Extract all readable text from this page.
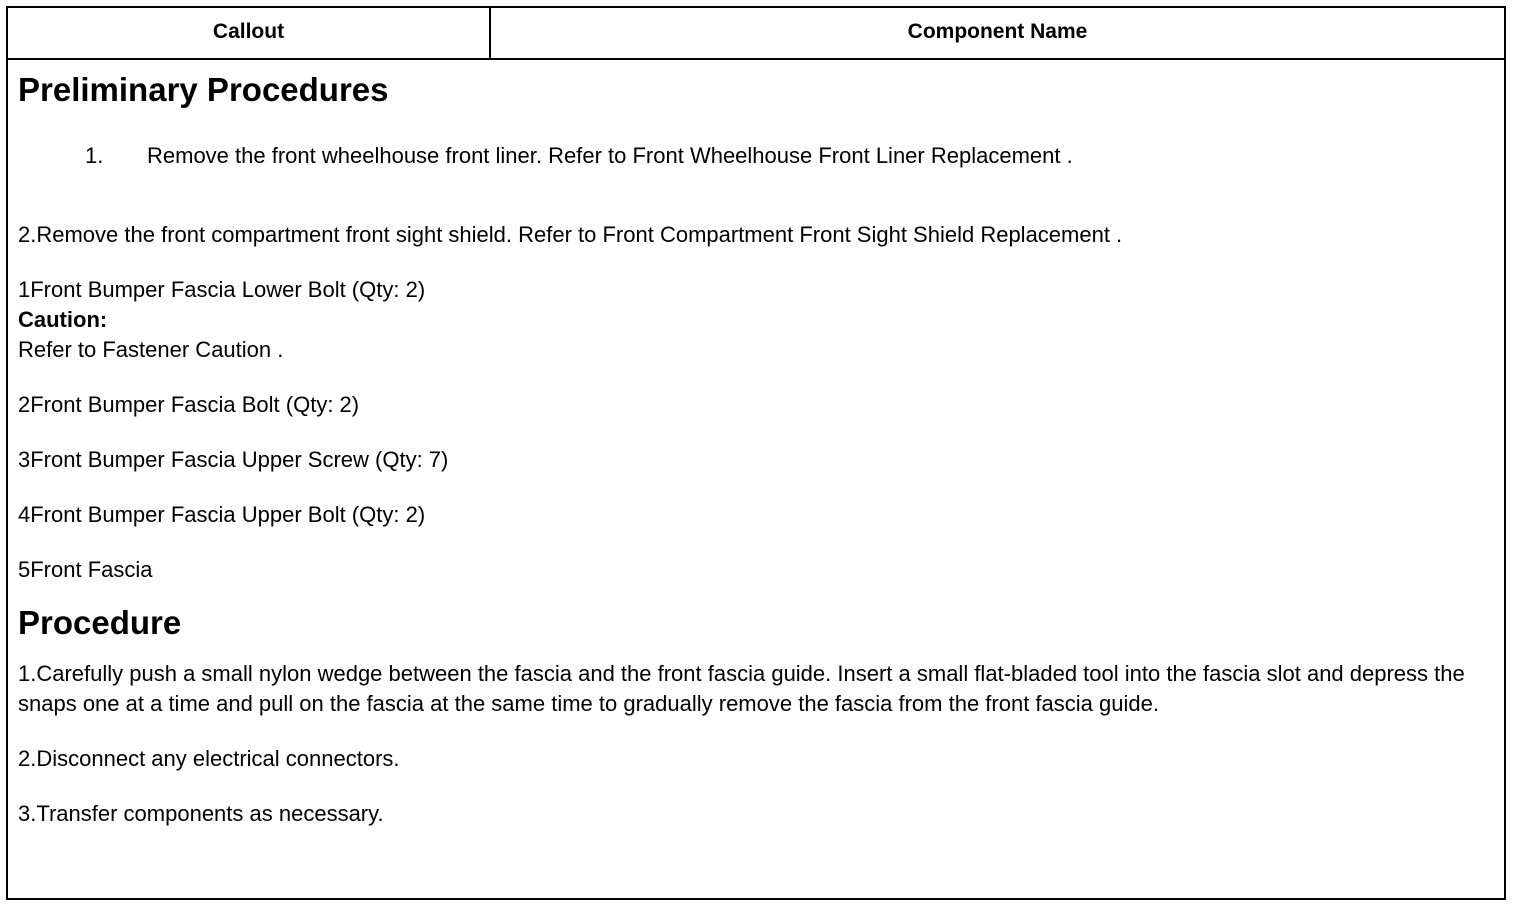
Callout	Component Name
Preliminary Procedures
1.	Remove the front wheelhouse front liner. Refer to Front Wheelhouse Front Liner Replacement .

2.Remove the front compartment front sight shield. Refer to Front Compartment Front Sight Shield Replacement .

1Front Bumper Fascia Lower Bolt (Qty: 2)
Caution:
Refer to Fastener Caution .

2Front Bumper Fascia Bolt (Qty: 2)

3Front Bumper Fascia Upper Screw (Qty: 7)

4Front Bumper Fascia Upper Bolt (Qty: 2)

5Front Fascia

Procedure

1.Carefully push a small nylon wedge between the fascia and the front fascia guide. Insert a small flat-bladed tool into the fascia slot and depress the snaps one at a time and pull on the fascia at the same time to gradually remove the fascia from the front fascia guide.

2.Disconnect any electrical connectors.

3.Transfer components as necessary.
